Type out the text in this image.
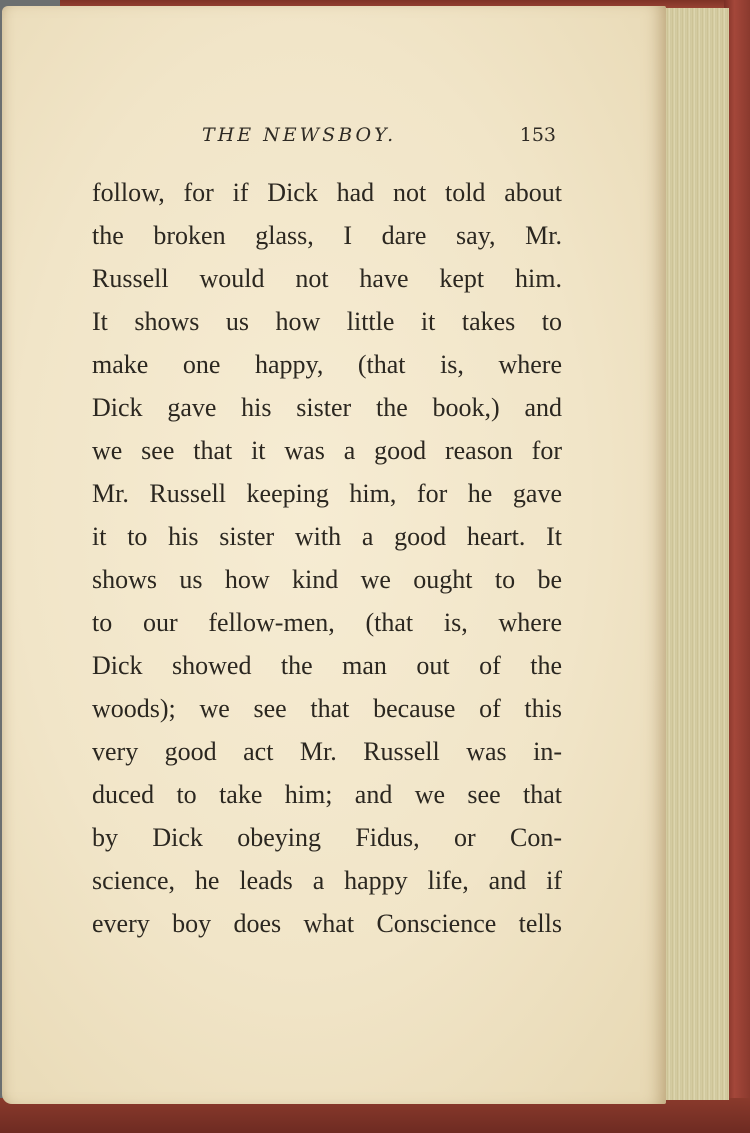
THE NEWSBOY.	153
follow, for if Dick had not told about
the broken glass, I dare say, Mr.
Russell would not have kept him.
It shows us how little it takes to
make one happy, (that is, where
Dick gave his sister the book,) and
we see that it was a good reason for
Mr. Russell keeping him, for he gave
it to his sister with a good heart. It
shows us how kind we ought to be
to our fellow-men, (that is, where
Dick showed the man out of the
woods); we see that because of this
very good act Mr. Russell was in-
duced to take him; and we see that
by Dick obeying Fidus, or Con-
science, he leads a happy life, and if
every boy does what Conscience tells
